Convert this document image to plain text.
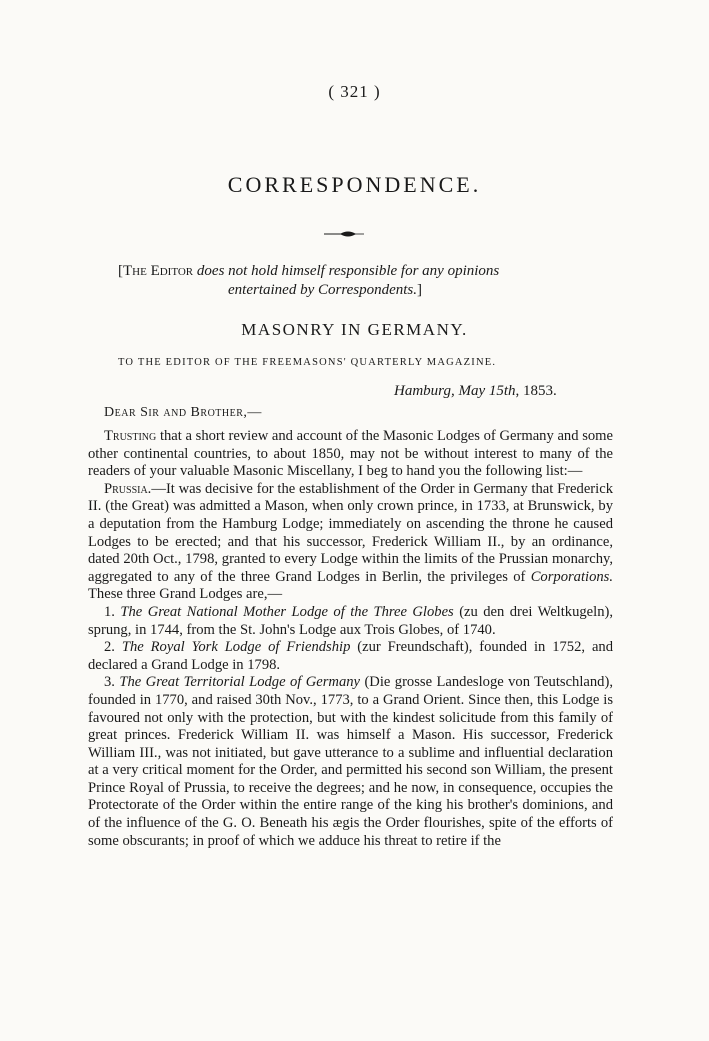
( 321 )
CORRESPONDENCE.
[The Editor does not hold himself responsible for any opinions
entertained by Correspondents.]
MASONRY IN GERMANY.
TO THE EDITOR OF THE FREEMASONS' QUARTERLY MAGAZINE.
Hamburg, May 15th, 1853.
Dear Sir and Brother,—

Trusting that a short review and account of the Masonic Lodges of Germany and some other continental countries, to about 1850, may not be without interest to many of the readers of your valuable Masonic Miscellany, I beg to hand you the following list:—

Prussia.—It was decisive for the establishment of the Order in Germany that Frederick II. (the Great) was admitted a Mason, when only crown prince, in 1733, at Brunswick, by a deputation from the Hamburg Lodge; immediately on ascending the throne he caused Lodges to be erected; and that his successor, Frederick William II., by an ordinance, dated 20th Oct., 1798, granted to every Lodge within the limits of the Prussian monarchy, aggregated to any of the three Grand Lodges in Berlin, the privileges of Corporations. These three Grand Lodges are,—

1. The Great National Mother Lodge of the Three Globes (zu den drei Weltkugeln), sprung, in 1744, from the St. John's Lodge aux Trois Globes, of 1740.

2. The Royal York Lodge of Friendship (zur Freundschaft), founded in 1752, and declared a Grand Lodge in 1798.

3. The Great Territorial Lodge of Germany (Die grosse Landesloge von Teutschland), founded in 1770, and raised 30th Nov., 1773, to a Grand Orient. Since then, this Lodge is favoured not only with the protection, but with the kindest solicitude from this family of great princes. Frederick William II. was himself a Mason. His successor, Frederick William III., was not initiated, but gave utterance to a sublime and influential declaration at a very critical moment for the Order, and permitted his second son William, the present Prince Royal of Prussia, to receive the degrees; and he now, in consequence, occupies the Protectorate of the Order within the entire range of the king his brother's dominions, and of the influence of the G. O. Beneath his ægis the Order flourishes, spite of the efforts of some obscurants; in proof of which we adduce his threat to retire if the
